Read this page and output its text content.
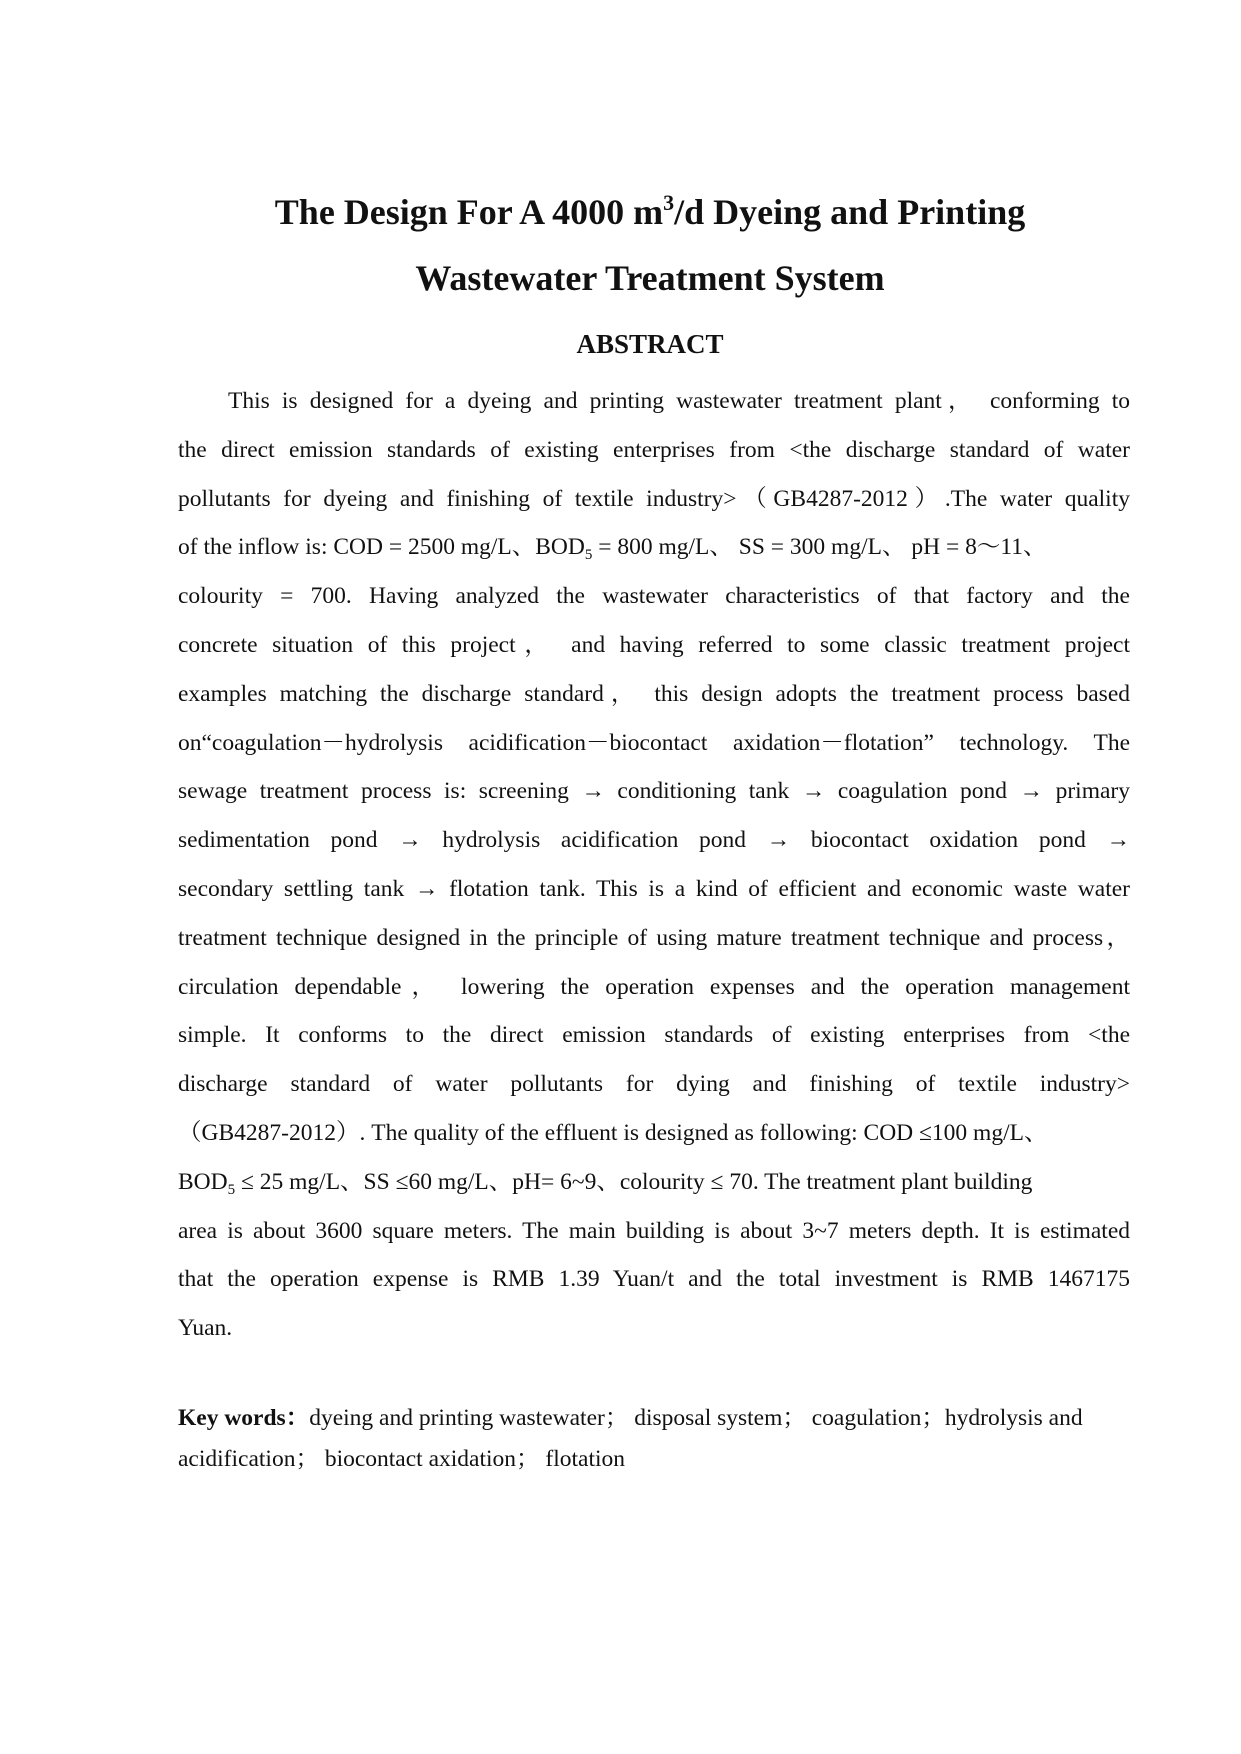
The Design For A 4000 $m^3/d$ Dyeing and Printing
Wastewater Treatment System
ABSTRACT
This is designed for a dyeing and printing wastewater treatment plant， conforming to
the direct emission standards of existing enterprises from <the discharge standard of water
pollutants for dyeing and finishing of textile industry>（GB4287-2012）.The water quality
of the inflow is: COD = 2500 mg/L、$BOD_5 = 800$ mg/L、 SS = 300 mg/L、 pH = 8～11、
colourity = 700. Having analyzed the wastewater characteristics of that factory and the
concrete situation of this project， and having referred to some classic treatment project
examples matching the discharge standard， this design adopts the treatment process based
on“coagulation－hydrolysis acidification－biocontact axidation－flotation” technology. The
sewage treatment process is: screening → conditioning tank → coagulation pond → primary
sedimentation pond → hydrolysis acidification pond → biocontact oxidation pond →
secondary settling tank → flotation tank. This is a kind of efficient and economic waste water
treatment technique designed in the principle of using mature treatment technique and process，
circulation dependable， lowering the operation expenses and the operation management
simple. It conforms to the direct emission standards of existing enterprises from <the
discharge standard of water pollutants for dying and finishing of textile industry>
（GB4287-2012）. The quality of the effluent is designed as following: COD ≤100 mg/L、
$BOD_5 \le 25$ mg/L、SS ≤60 mg/L、pH= 6~9、colourity ≤ 70. The treatment plant building
area is about 3600 square meters. The main building is about 3~7 meters depth. It is estimated
that the operation expense is RMB 1.39 Yuan/t and the total investment is RMB 1467175
Yuan.
Key words：dyeing and printing wastewater； disposal system； coagulation；hydrolysis and
acidification； biocontact axidation； flotation
